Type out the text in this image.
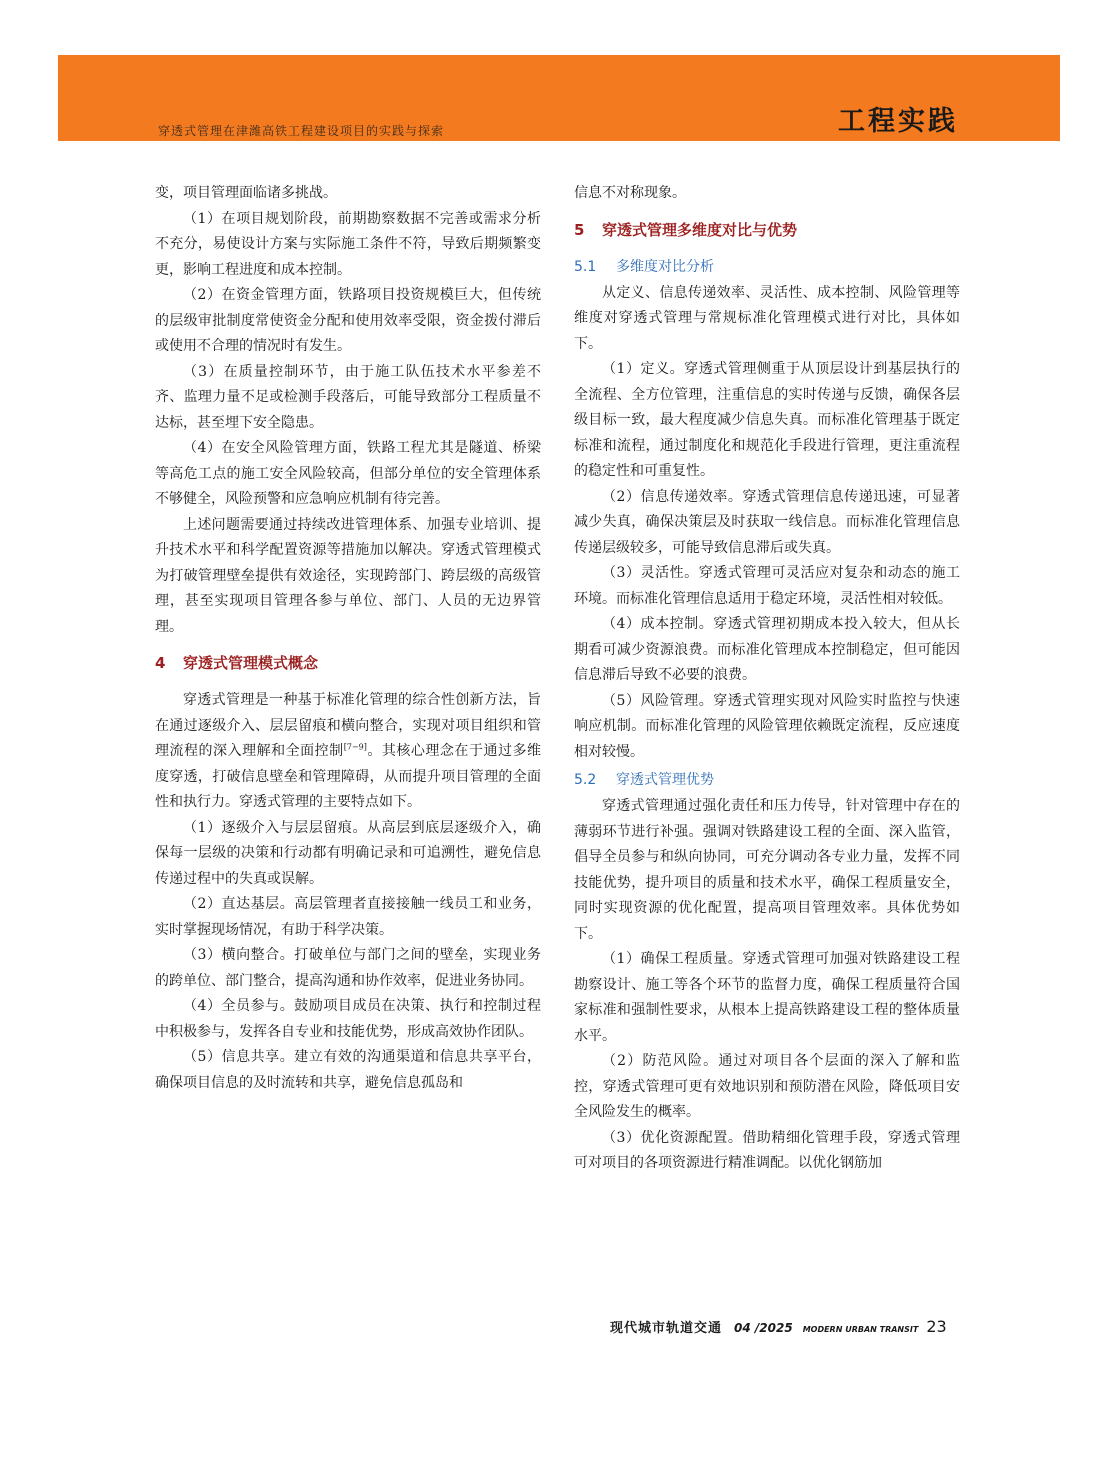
穿透式管理在津潍高铁工程建设项目的实践与探索	工程实践

变，项目管理面临诸多挑战。

（1）在项目规划阶段，前期勘察数据不完善或需求分析不充分，易使设计方案与实际施工条件不符，导致后期频繁变更，影响工程进度和成本控制。

（2）在资金管理方面，铁路项目投资规模巨大，但传统的层级审批制度常使资金分配和使用效率受限，资金拨付滞后或使用不合理的情况时有发生。

（3）在质量控制环节，由于施工队伍技术水平参差不齐、监理力量不足或检测手段落后，可能导致部分工程质量不达标，甚至埋下安全隐患。

（4）在安全风险管理方面，铁路工程尤其是隧道、桥梁等高危工点的施工安全风险较高，但部分单位的安全管理体系不够健全，风险预警和应急响应机制有待完善。

上述问题需要通过持续改进管理体系、加强专业培训、提升技术水平和科学配置资源等措施加以解决。穿透式管理模式为打破管理壁垒提供有效途径，实现跨部门、跨层级的高级管理，甚至实现项目管理各参与单位、部门、人员的无边界管理。

4 穿透式管理模式概念

穿透式管理是一种基于标准化管理的综合性创新方法，旨在通过逐级介入、层层留痕和横向整合，实现对项目组织和管理流程的深入理解和全面控制[7−9]。其核心理念在于通过多维度穿透，打破信息壁垒和管理障碍，从而提升项目管理的全面性和执行力。穿透式管理的主要特点如下。

（1）逐级介入与层层留痕。从高层到底层逐级介入，确保每一层级的决策和行动都有明确记录和可追溯性，避免信息传递过程中的失真或误解。

（2）直达基层。高层管理者直接接触一线员工和业务，实时掌握现场情况，有助于科学决策。

（3）横向整合。打破单位与部门之间的壁垒，实现业务的跨单位、部门整合，提高沟通和协作效率，促进业务协同。

（4）全员参与。鼓励项目成员在决策、执行和控制过程中积极参与，发挥各自专业和技能优势，形成高效协作团队。

（5）信息共享。建立有效的沟通渠道和信息共享平台，确保项目信息的及时流转和共享，避免信息孤岛和

信息不对称现象。

5 穿透式管理多维度对比与优势
5.1 多维度对比分析

从定义、信息传递效率、灵活性、成本控制、风险管理等维度对穿透式管理与常规标准化管理模式进行对比，具体如下。

（1）定义。穿透式管理侧重于从顶层设计到基层执行的全流程、全方位管理，注重信息的实时传递与反馈，确保各层级目标一致，最大程度减少信息失真。而标准化管理基于既定标准和流程，通过制度化和规范化手段进行管理，更注重流程的稳定性和可重复性。

（2）信息传递效率。穿透式管理信息传递迅速，可显著减少失真，确保决策层及时获取一线信息。而标准化管理信息传递层级较多，可能导致信息滞后或失真。

（3）灵活性。穿透式管理可灵活应对复杂和动态的施工环境。而标准化管理信息适用于稳定环境，灵活性相对较低。

（4）成本控制。穿透式管理初期成本投入较大，但从长期看可减少资源浪费。而标准化管理成本控制稳定，但可能因信息滞后导致不必要的浪费。

（5）风险管理。穿透式管理实现对风险实时监控与快速响应机制。而标准化管理的风险管理依赖既定流程，反应速度相对较慢。

5.2 穿透式管理优势

穿透式管理通过强化责任和压力传导，针对管理中存在的薄弱环节进行补强。强调对铁路建设工程的全面、深入监管，倡导全员参与和纵向协同，可充分调动各专业力量，发挥不同技能优势，提升项目的质量和技术水平，确保工程质量安全，同时实现资源的优化配置，提高项目管理效率。具体优势如下。

（1）确保工程质量。穿透式管理可加强对铁路建设工程勘察设计、施工等各个环节的监督力度，确保工程质量符合国家标准和强制性要求，从根本上提高铁路建设工程的整体质量水平。

（2）防范风险。通过对项目各个层面的深入了解和监控，穿透式管理可更有效地识别和预防潜在风险，降低项目安全风险发生的概率。

（3）优化资源配置。借助精细化管理手段，穿透式管理可对项目的各项资源进行精准调配。以优化钢筋加

现代城市轨道交通 04 /2025 MODERN URBAN TRANSIT 23
